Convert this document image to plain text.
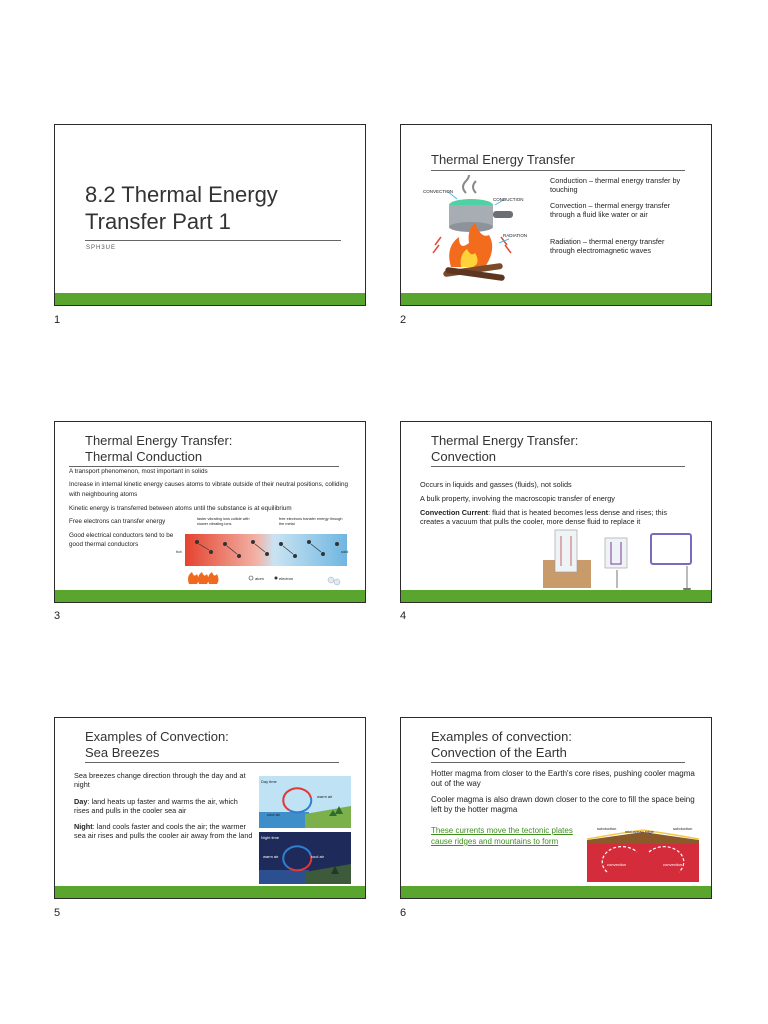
8.2 Thermal Energy
Transfer Part 1
SPH3UE
1
Thermal Energy Transfer
CONVECTION
CONDUCTION
RADIATION
Conduction – thermal energy transfer by touching
Convection – thermal energy transfer through a fluid like water or air
Radiation – thermal energy transfer through electromagnetic waves
2
Thermal Energy Transfer:
Thermal Conduction
A transport phenomenon, most important in solids
Increase in internal kinetic energy causes atoms to vibrate outside of their neutral positions, colliding with neighbouring atoms
Kinetic energy is transferred between atoms until the substance is at equilibrium
Free electrons can transfer energy
Good electrical conductors tend to be good thermal conductors
faster vibrating ions collide with slower vibrating ions
free electrons transfer energy through the metal
hot	cold
atom	electron
3
Thermal Energy Transfer:
Convection
Occurs in liquids and gasses (fluids), not solids
A bulk property, involving the macroscopic transfer of energy
Convection Current: fluid that is heated becomes less dense and rises; this creates a vacuum that pulls the cooler, more dense fluid to replace it
4
Examples of Convection:
Sea Breezes
Sea breezes change direction through the day and at night
Day: land heats up faster and warms the air, which rises and pulls in the cooler sea air
Night: land cools faster and cools the air; the warmer sea air rises and pulls the cooler air away from the land
Day time
warm air
cool air
Night time
warm air	cool air
5
Examples of convection:
Convection of the Earth
Hotter magma from closer to the Earth's core rises, pushing cooler magma out of the way
Cooler magma is also drawn down closer to the core to fill the space being left by the hotter magma
These currents move the tectonic plates cause ridges and mountains to form
subduction
mid-ocean ridge
subduction
convection	convection
6
